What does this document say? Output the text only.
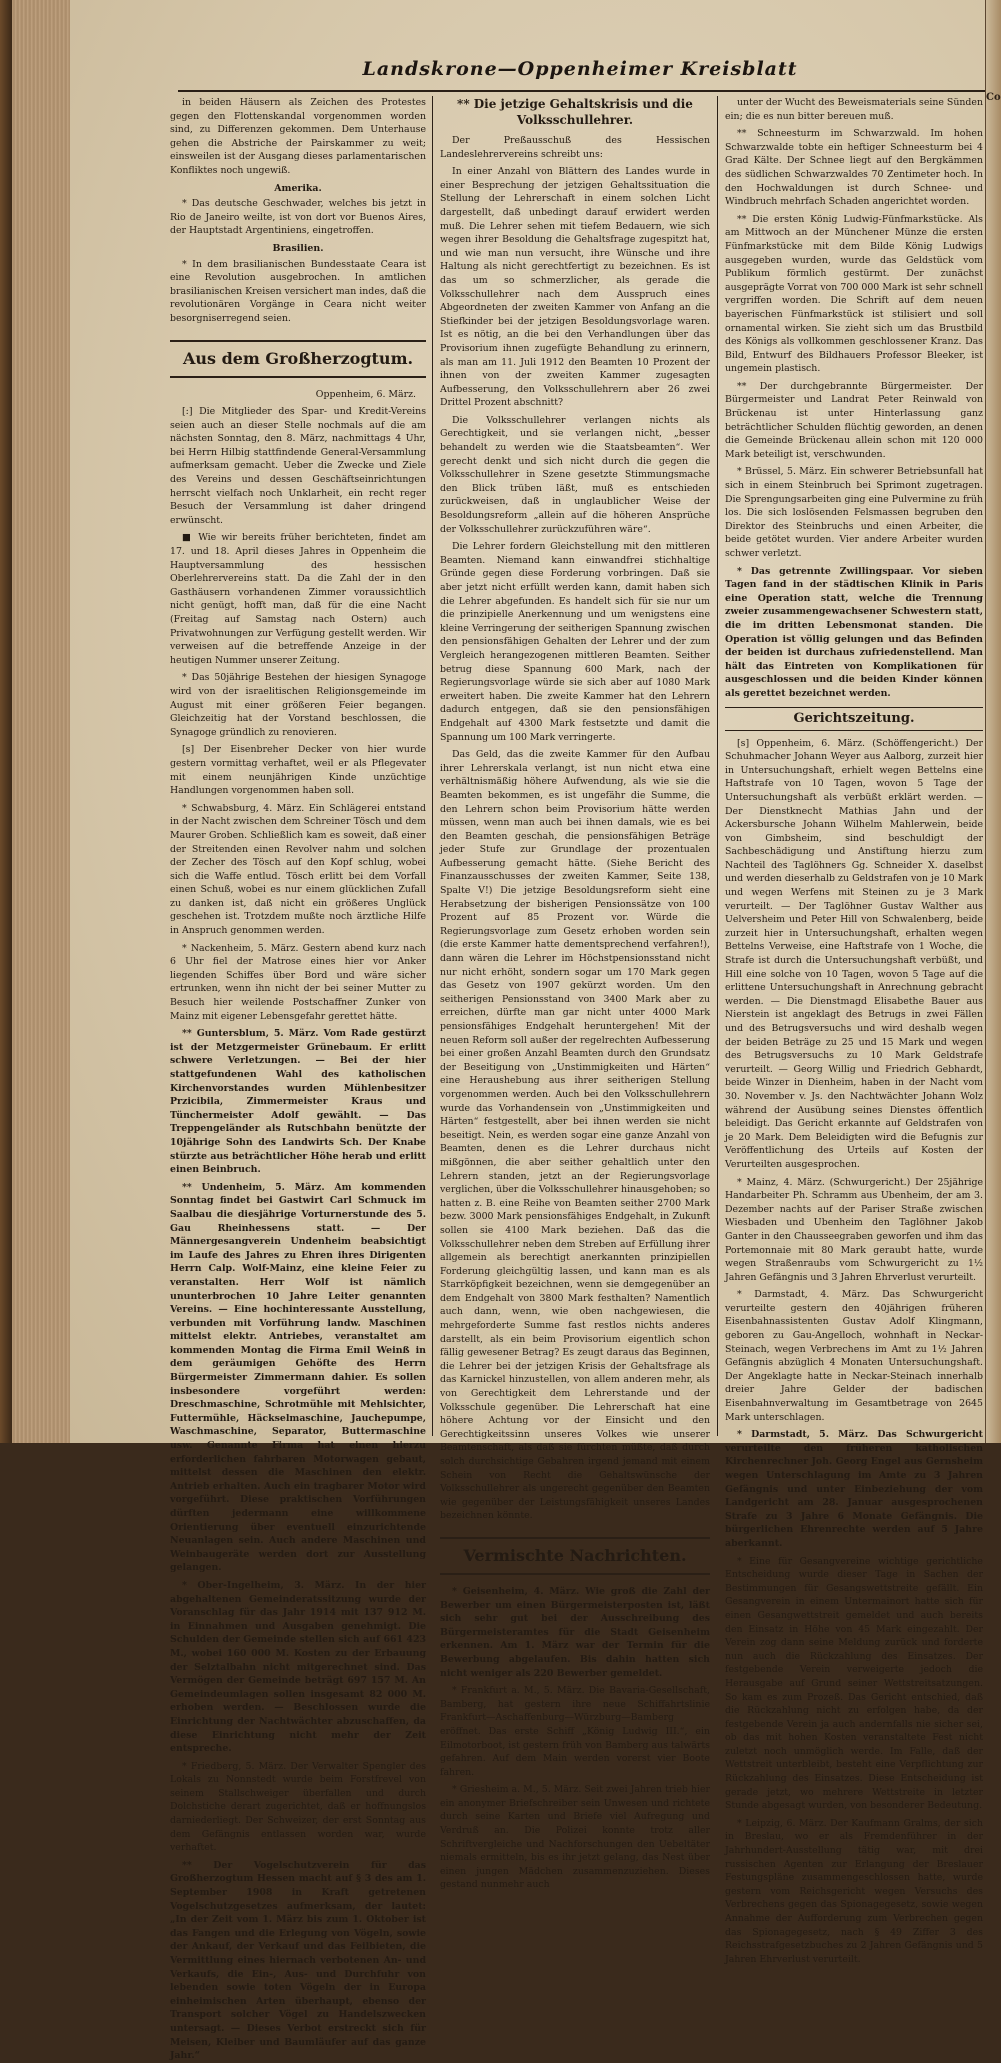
Landskrone—Oppenheimer Kreisblatt

in beiden Häusern als Zeichen des Protestes gegen den Flottenskandal vorgenommen worden sind, zu Differenzen gekommen. Dem Unterhause gehen die Abstriche der Pairskammer zu weit; einsweilen ist der Ausgang dieses parlamentarischen Konfliktes noch ungewiß.

Amerika.

* Das deutsche Geschwader, welches bis jetzt in Rio de Janeiro weilte, ist von dort vor Buenos Aires, der Hauptstadt Argentiniens, eingetroffen.

Brasilien.

* In dem brasilianischen Bundesstaate Ceara ist eine Revolution ausgebrochen. In amtlichen brasilianischen Kreisen versichert man indes, daß die revolutionären Vorgänge in Ceara nicht weiter besorgniserregend seien.

Aus dem Großherzogtum.
Oppenheim, 6. März.

[:] Die Mitglieder des Spar- und Kredit-Vereins seien auch an dieser Stelle nochmals auf die am nächsten Sonntag, den 8. März, nachmittags 4 Uhr, bei Herrn Hilbig stattfindende General-Versammlung aufmerksam gemacht. Ueber die Zwecke und Ziele des Vereins und dessen Geschäftseinrichtungen herrscht vielfach noch Unklarheit, ein recht reger Besuch der Versammlung ist daher dringend erwünscht.

■ Wie wir bereits früher berichteten, findet am 17. und 18. April dieses Jahres in Oppenheim die Hauptversammlung des hessischen Oberlehrervereins statt. Da die Zahl der in den Gasthäusern vorhandenen Zimmer voraussichtlich nicht genügt, hofft man, daß für die eine Nacht (Freitag auf Samstag nach Ostern) auch Privatwohnungen zur Verfügung gestellt werden. Wir verweisen auf die betreffende Anzeige in der heutigen Nummer unserer Zeitung.

* Das 50jährige Bestehen der hiesigen Synagoge wird von der israelitischen Religionsgemeinde im August mit einer größeren Feier begangen. Gleichzeitig hat der Vorstand beschlossen, die Synagoge gründlich zu renovieren.

[s] Der Eisenbreher Decker von hier wurde gestern vormittag verhaftet, weil er als Pflegevater mit einem neunjährigen Kinde unzüchtige Handlungen vorgenommen haben soll.

* Schwabsburg, 4. März. Ein Schlägerei entstand in der Nacht zwischen dem Schreiner Tösch und dem Maurer Groben. Schließlich kam es soweit, daß einer der Streitenden einen Revolver nahm und solchen der Zecher des Tösch auf den Kopf schlug, wobei sich die Waffe entlud. Tösch erlitt bei dem Vorfall einen Schuß, wobei es nur einem glücklichen Zufall zu danken ist, daß nicht ein größeres Unglück geschehen ist. Trotzdem mußte noch ärztliche Hilfe in Anspruch genommen werden.

* Nackenheim, 5. März. Gestern abend kurz nach 6 Uhr fiel der Matrose eines hier vor Anker liegenden Schiffes über Bord und wäre sicher ertrunken, wenn ihn nicht der bei seiner Mutter zu Besuch hier weilende Postschaffner Zunker von Mainz mit eigener Lebensgefahr gerettet hätte.

** Guntersblum, 5. März. Vom Rade gestürzt ist der Metzgermeister Grünebaum. Er erlitt schwere Verletzungen. — Bei der hier stattgefundenen Wahl des katholischen Kirchenvorstandes wurden Mühlenbesitzer Przicibila, Zimmermeister Kraus und Tünchermeister Adolf gewählt. — Das Treppengeländer als Rutschbahn benützte der 10jährige Sohn des Landwirts Sch. Der Knabe stürzte aus beträchtlicher Höhe herab und erlitt einen Beinbruch.

** Undenheim, 5. März. Am kommenden Sonntag findet bei Gastwirt Carl Schmuck im Saalbau die diesjährige Vorturnerstunde des 5. Gau Rheinhessens statt. — Der Männergesangverein Undenheim beabsichtigt im Laufe des Jahres zu Ehren ihres Dirigenten Herrn Calp. Wolf-Mainz, eine kleine Feier zu veranstalten. Herr Wolf ist nämlich ununterbrochen 10 Jahre Leiter genannten Vereins. — Eine hochinteressante Ausstellung, verbunden mit Vorführung landw. Maschinen mittelst elektr. Antriebes, veranstaltet am kommenden Montag die Firma Emil Weinß in dem geräumigen Gehöfte des Herrn Bürgermeister Zimmermann dahier. Es sollen insbesondere vorgeführt werden: Dreschmaschine, Schrotmühle mit Mehlsichter, Futtermühle, Häckselmaschine, Jauchepumpe, Waschmaschine, Separator, Buttermaschine usw. Genannte Firma hat einen hierzu erforderlichen fahrbaren Motorwagen gebaut, mittelst dessen die Maschinen den elektr. Antrieb erhalten. Auch ein tragbarer Motor wird vorgeführt. Diese praktischen Vorführungen dürften jedermann eine willkommene Orientierung über eventuell einzurichtende Neuanlagen sein. Auch andere Maschinen und Weinbaugeräte werden dort zur Ausstellung gelangen.

* Ober-Ingelheim, 3. März. In der hier abgehaltenen Gemeinderatssitzung wurde der Voranschlag für das Jahr 1914 mit 137 912 M. in Einnahmen und Ausgaben genehmigt. Die Schulden der Gemeinde stellen sich auf 661 423 M., wobei 160 000 M. Kosten zu der Erbauung der Selztalbahn nicht mitgerechnet sind. Das Vermögen der Gemeinde beträgt 697 157 M. An Gemeindeumlagen sollen insgesamt 82 000 M. erhoben werden. — Beschlossen wurde die Einrichtung der Nachtwächter abzuschaffen, da diese Einrichtung nicht mehr der Zeit entspreche.

* Friedberg, 5. März. Der Verwalter Spengler des Lokals zu Nonnstedt wurde beim Forstfrevel von seinem Stallschweiger überfallen und durch Dolchstiche derart zugerichtet, daß er hoffnungslos darniederliegt. Der Schweizer, der erst Sonntag aus dem Gefängnis entlassen worden war, wurde verhaftet.

** Der Vogelschutzverein für das Großherzogtum Hessen macht auf § 3 des am 1. September 1908 in Kraft getretenen Vogelschutzgesetzes aufmerksam, der lautet: „In der Zeit vom 1. März bis zum 1. Oktober ist das Fangen und die Erlegung von Vögeln, sowie der Ankauf, der Verkauf und das Feilbieten, die Vermittlung eines hiernach verbotenen An- und Verkaufs, die Ein-, Aus- und Durchfuhr von lebenden sowie toten Vögeln der in Europa einheimischen Arten überhaupt, ebenso der Transport solcher Vögel zu Handelszwecken untersagt. — Dieses Verbot erstreckt sich für Meisen, Kleiber und Baumläufer auf das ganze Jahr.“

** Die jetzige Gehaltskrisis und die Volksschullehrer.

Der Preßausschuß des Hessischen Landeslehrervereins schreibt uns:

In einer Anzahl von Blättern des Landes wurde in einer Besprechung der jetzigen Gehaltssituation die Stellung der Lehrerschaft in einem solchen Licht dargestellt, daß unbedingt darauf erwidert werden muß. Die Lehrer sehen mit tiefem Bedauern, wie sich wegen ihrer Besoldung die Gehaltsfrage zugespitzt hat, und wie man nun versucht, ihre Wünsche und ihre Haltung als nicht gerechtfertigt zu bezeichnen. Es ist das um so schmerzlicher, als gerade die Volksschullehrer nach dem Ausspruch eines Abgeordneten der zweiten Kammer von Anfang an die Stiefkinder bei der jetzigen Besoldungsvorlage waren. Ist es nötig, an die bei den Verhandlungen über das Provisorium ihnen zugefügte Behandlung zu erinnern, als man am 11. Juli 1912 den Beamten 10 Prozent der ihnen von der zweiten Kammer zugesagten Aufbesserung, den Volksschullehrern aber 26 zwei Drittel Prozent abschnitt?

Die Volksschullehrer verlangen nichts als Gerechtigkeit, und sie verlangen nicht, „besser behandelt zu werden wie die Staatsbeamten“. Wer gerecht denkt und sich nicht durch die gegen die Volksschullehrer in Szene gesetzte Stimmungsmache den Blick trüben läßt, muß es entschieden zurückweisen, daß in unglaublicher Weise der Besoldungsreform „allein auf die höheren Ansprüche der Volksschullehrer zurückzuführen wäre“.

Die Lehrer fordern Gleichstellung mit den mittleren Beamten. Niemand kann einwandfrei stichhaltige Gründe gegen diese Forderung vorbringen. Daß sie aber jetzt nicht erfüllt werden kann, damit haben sich die Lehrer abgefunden. Es handelt sich für sie nur um die prinzipielle Anerkennung und um wenigstens eine kleine Verringerung der seitherigen Spannung zwischen den pensionsfähigen Gehalten der Lehrer und der zum Vergleich herangezogenen mittleren Beamten. Seither betrug diese Spannung 600 Mark, nach der Regierungsvorlage würde sie sich aber auf 1080 Mark erweitert haben. Die zweite Kammer hat den Lehrern dadurch entgegen, daß sie den pensionsfähigen Endgehalt auf 4300 Mark festsetzte und damit die Spannung um 100 Mark verringerte.

Das Geld, das die zweite Kammer für den Aufbau ihrer Lehrerskala verlangt, ist nun nicht etwa eine verhältnismäßig höhere Aufwendung, als wie sie die Beamten bekommen, es ist ungefähr die Summe, die den Lehrern schon beim Provisorium hätte werden müssen, wenn man auch bei ihnen damals, wie es bei den Beamten geschah, die pensionsfähigen Beträge jeder Stufe zur Grundlage der prozentualen Aufbesserung gemacht hätte. (Siehe Bericht des Finanzausschusses der zweiten Kammer, Seite 138, Spalte V!) Die jetzige Besoldungsreform sieht eine Herabsetzung der bisherigen Pensionssätze von 100 Prozent auf 85 Prozent vor. Würde die Regierungsvorlage zum Gesetz erhoben worden sein (die erste Kammer hatte dementsprechend verfahren!), dann wären die Lehrer im Höchstpensionsstand nicht nur nicht erhöht, sondern sogar um 170 Mark gegen das Gesetz von 1907 gekürzt worden. Um den seitherigen Pensionsstand von 3400 Mark aber zu erreichen, dürfte man gar nicht unter 4000 Mark pensionsfähiges Endgehalt heruntergehen! Mit der neuen Reform soll außer der regelrechten Aufbesserung bei einer großen Anzahl Beamten durch den Grundsatz der Beseitigung von „Unstimmigkeiten und Härten“ eine Heraushebung aus ihrer seitherigen Stellung vorgenommen werden. Auch bei den Volksschullehrern wurde das Vorhandensein von „Unstimmigkeiten und Härten“ festgestellt, aber bei ihnen werden sie nicht beseitigt. Nein, es werden sogar eine ganze Anzahl von Beamten, denen es die Lehrer durchaus nicht mißgönnen, die aber seither gehaltlich unter den Lehrern standen, jetzt an der Regierungsvorlage verglichen, über die Volksschullehrer hinausgehoben; so hatten z. B. eine Reihe von Beamten seither 2700 Mark bezw. 3000 Mark pensionsfähiges Endgehalt, in Zukunft sollen sie 4100 Mark beziehen. Daß das die Volksschullehrer neben dem Streben auf Erfüllung ihrer allgemein als berechtigt anerkannten prinzipiellen Forderung gleichgültig lassen, und kann man es als Starrköpfigkeit bezeichnen, wenn sie demgegenüber an dem Endgehalt von 3800 Mark festhalten? Namentlich auch dann, wenn, wie oben nachgewiesen, die mehrgeforderte Summe fast restlos nichts anderes darstellt, als ein beim Provisorium eigentlich schon fällig gewesener Betrag? Es zeugt daraus das Beginnen, die Lehrer bei der jetzigen Krisis der Gehaltsfrage als das Karnickel hinzustellen, von allem anderen mehr, als von Gerechtigkeit dem Lehrerstande und der Volksschule gegenüber. Die Lehrerschaft hat eine höhere Achtung vor der Einsicht und den Gerechtigkeitssinn unseres Volkes wie unserer Beamtenschaft, als daß sie fürchten müßte, daß durch solch durchsichtige Gebahren irgend jemand mit einem Schein von Recht die Gehaltswünsche der Volksschullehrer als ungerecht gegenüber den Beamten wie gegenüber der Leistungsfähigkeit unseres Landes bezeichnen könnte.

Vermischte Nachrichten.

* Geisenheim, 4. März. Wie groß die Zahl der Bewerber um einen Bürgermeisterposten ist, läßt sich sehr gut bei der Ausschreibung des Bürgermeisteramtes für die Stadt Geisenheim erkennen. Am 1. März war der Termin für die Bewerbung abgelaufen. Bis dahin hatten sich nicht weniger als 220 Bewerber gemeldet.

* Frankfurt a. M., 5. März. Die Bavaria-Gesellschaft, Bamberg, hat gestern ihre neue Schiffahrtslinie Frankfurt—Aschaffenburg—Würzburg—Bamberg eröffnet. Das erste Schiff „König Ludwig III.“, ein Eilmotorboot, ist gestern früh von Bamberg aus talwärts gefahren. Auf dem Main werden vorerst vier Boote fahren.

* Griesheim a. M., 5. März. Seit zwei Jahren trieb hier ein anonymer Briefschreiber sein Unwesen und richtete durch seine Karten und Briefe viel Aufregung und Verdruß an. Die Polizei konnte trotz aller Schriftvergleiche und Nachforschungen den Uebeltäter niemals ermitteln, bis es ihr jetzt gelang, das Nest über einen jungen Mädchen zusammenzuziehen. Dieses gestand nunmehr auch

unter der Wucht des Beweismaterials seine Sünden ein; die es nun bitter bereuen muß.

** Schneesturm im Schwarzwald. Im hohen Schwarzwalde tobte ein heftiger Schneesturm bei 4 Grad Kälte. Der Schnee liegt auf den Bergkämmen des südlichen Schwarzwaldes 70 Zentimeter hoch. In den Hochwaldungen ist durch Schnee- und Windbruch mehrfach Schaden angerichtet worden.

** Die ersten König Ludwig-Fünfmarkstücke. Als am Mittwoch an der Münchener Münze die ersten Fünfmarkstücke mit dem Bilde König Ludwigs ausgegeben wurden, wurde das Geldstück vom Publikum förmlich gestürmt. Der zunächst ausgeprägte Vorrat von 700 000 Mark ist sehr schnell vergriffen worden. Die Schrift auf dem neuen bayerischen Fünfmarkstück ist stilisiert und soll ornamental wirken. Sie zieht sich um das Brustbild des Königs als vollkommen geschlossener Kranz. Das Bild, Entwurf des Bildhauers Professor Bleeker, ist ungemein plastisch.

** Der durchgebrannte Bürgermeister. Der Bürgermeister und Landrat Peter Reinwald von Brückenau ist unter Hinterlassung ganz beträchtlicher Schulden flüchtig geworden, an denen die Gemeinde Brückenau allein schon mit 120 000 Mark beteiligt ist, verschwunden.

* Brüssel, 5. März. Ein schwerer Betriebsunfall hat sich in einem Steinbruch bei Sprimont zugetragen. Die Sprengungsarbeiten ging eine Pulvermine zu früh los. Die sich loslösenden Felsmassen begruben den Direktor des Steinbruchs und einen Arbeiter, die beide getötet wurden. Vier andere Arbeiter wurden schwer verletzt.

* Das getrennte Zwillingspaar. Vor sieben Tagen fand in der städtischen Klinik in Paris eine Operation statt, welche die Trennung zweier zusammengewachsener Schwestern statt, die im dritten Lebensmonat standen. Die Operation ist völlig gelungen und das Befinden der beiden ist durchaus zufriedenstellend. Man hält das Eintreten von Komplikationen für ausgeschlossen und die beiden Kinder können als gerettet bezeichnet werden.

Gerichtszeitung.

[s] Oppenheim, 6. März. (Schöffengericht.) Der Schuhmacher Johann Weyer aus Aalborg, zurzeit hier in Untersuchungshaft, erhielt wegen Bettelns eine Haftstrafe von 10 Tagen, wovon 5 Tage der Untersuchungshaft als verbüßt erklärt werden. — Der Dienstknecht Mathias Jahn und der Ackersbursche Johann Wilhelm Mahlerwein, beide von Gimbsheim, sind beschuldigt der Sachbeschädigung und Anstiftung hierzu zum Nachteil des Taglöhners Gg. Schneider X. daselbst und werden dieserhalb zu Geldstrafen von je 10 Mark und wegen Werfens mit Steinen zu je 3 Mark verurteilt. — Der Taglöhner Gustav Walther aus Uelversheim und Peter Hill von Schwalenberg, beide zurzeit hier in Untersuchungshaft, erhalten wegen Bettelns Verweise, eine Haftstrafe von 1 Woche, die Strafe ist durch die Untersuchungshaft verbüßt, und Hill eine solche von 10 Tagen, wovon 5 Tage auf die erlittene Untersuchungshaft in Anrechnung gebracht werden. — Die Dienstmagd Elisabethe Bauer aus Nierstein ist angeklagt des Betrugs in zwei Fällen und des Betrugsversuchs und wird deshalb wegen der beiden Beträge zu 25 und 15 Mark und wegen des Betrugsversuchs zu 10 Mark Geldstrafe verurteilt. — Georg Willig und Friedrich Gebhardt, beide Winzer in Dienheim, haben in der Nacht vom 30. November v. Js. den Nachtwächter Johann Wolz während der Ausübung seines Dienstes öffentlich beleidigt. Das Gericht erkannte auf Geldstrafen von je 20 Mark. Dem Beleidigten wird die Befugnis zur Veröffentlichung des Urteils auf Kosten der Verurteilten ausgesprochen.

* Mainz, 4. März. (Schwurgericht.) Der 25jährige Handarbeiter Ph. Schramm aus Ubenheim, der am 3. Dezember nachts auf der Pariser Straße zwischen Wiesbaden und Ubenheim den Taglöhner Jakob Ganter in den Chausseegraben geworfen und ihm das Portemonnaie mit 80 Mark geraubt hatte, wurde wegen Straßenraubs vom Schwurgericht zu 1½ Jahren Gefängnis und 3 Jahren Ehrverlust verurteilt.

* Darmstadt, 4. März. Das Schwurgericht verurteilte gestern den 40jährigen früheren Eisenbahnassistenten Gustav Adolf Klingmann, geboren zu Gau-Angelloch, wohnhaft in Neckar-Steinach, wegen Verbrechens im Amt zu 1½ Jahren Gefängnis abzüglich 4 Monaten Untersuchungshaft. Der Angeklagte hatte in Neckar-Steinach innerhalb dreier Jahre Gelder der badischen Eisenbahnverwaltung im Gesamtbetrage von 2645 Mark unterschlagen.

* Darmstadt, 5. März. Das Schwurgericht verurteilte den früheren katholischen Kirchenrechner Joh. Georg Engel aus Gernsheim wegen Unterschlagung im Amte zu 3 Jahren Gefängnis und unter Einbeziehung der vom Landgericht am 28. Januar ausgesprochenen Strafe zu 3 Jahre 6 Monate Gefängnis. Die bürgerlichen Ehrenrechte werden auf 5 Jahre aberkannt.

* Eine für Gesangvereine wichtige gerichtliche Entscheidung wurde dieser Tage in Sachen der Bestimmungen für Gesangswettstreite gefällt. Ein Gesangverein in einem Untermainort hatte sich für einen Gesangwettstreit gemeldet und auch bereits den Einsatz in Höhe von 45 Mark eingezahlt. Der Verein zog dann seine Meldung zurück und forderte nun auch die Rückzahlung des Einsatzes. Der festgebende Verein verweigerte jedoch die Herausgabe auf Grund seiner Wettstreitsatzungen. So kam es zum Prozeß. Das Gericht entschied, daß die Rückzahlung nicht zu erfolgen habe, da der festgebende Verein ja auch andernfalls nie sicher sei, ob das mit hohen Kosten veranstaltete Fest nicht zuletzt noch unmöglich werde. Im Falle, daß der Wettstreit unterbleibt, besteht eine Verpflichtung zur Rückzahlung des Einsatzes. Diese Entscheidung ist gerade jetzt, wo mehrere Wettstreite in letzter Stunde abgesagt wurden, von besonderer Bedeutung.

* Leipzig, 6. März. Der Kaufmann Gralms, der sich in Breslau, wo er als Fremdenführer in der Jahrhundert-Ausstellung tätig war, mit drei russischen Agenten zur Erlangung der Breslauer Festungspläne zusammengeschlossen hatte, wurde gestern vom Reichsgericht wegen Versuchs des Verbrechens gegen das Spionagegesetz, sowie wegen Annahme der Aufforderung zum Verbrechen gegen das Spionagegesetz, nach § 49 Ziffer 3 des Reichsstrafgesetzbuches zu 2 Jahren Gefängnis und 5 Jahren Ehrverlust verurteilt.

Co
